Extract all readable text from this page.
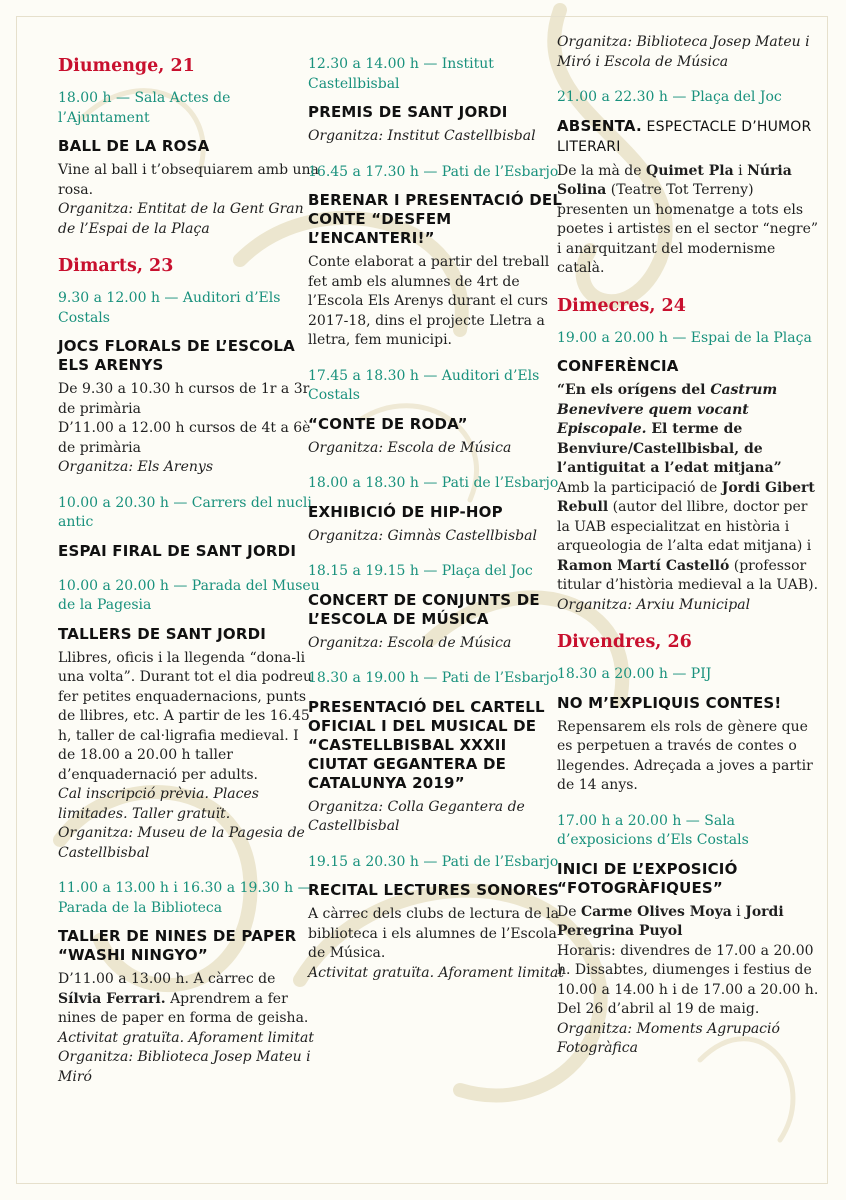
Diumenge, 21
18.00 h — Sala Actes de l’Ajuntament
BALL DE LA ROSA
Vine al ball i t’obsequiarem amb una rosa.
Organitza: Entitat de la Gent Gran de l’Espai de la Plaça
Dimarts, 23
9.30 a 12.00 h — Auditori d’Els Costals
JOCS FLORALS DE L’ESCOLA ELS ARENYS
De 9.30 a 10.30 h cursos de 1r a 3r de primària
D’11.00 a 12.00 h cursos de 4t a 6è de primària
Organitza: Els Arenys
10.00 a 20.30 h — Carrers del nucli antic
ESPAI FIRAL DE SANT JORDI
10.00 a 20.00 h — Parada del Museu de la Pagesia
TALLERS DE SANT JORDI
Llibres, oficis i la llegenda “dona-li una volta”. Durant tot el dia podreu fer petites enquadernacions, punts de llibres, etc. A partir de les 16.45 h, taller de cal·ligrafia medieval. I de 18.00 a 20.00 h taller d’enquadernació per adults.
Cal inscripció prèvia. Places limitades. Taller gratuït.
Organitza: Museu de la Pagesia de Castellbisbal
11.00 a 13.00 h i 16.30 a 19.30 h — Parada de la Biblioteca
TALLER DE NINES DE PAPER “WASHI NINGYO”
D’11.00 a 13.00 h. A càrrec de Sílvia Ferrari. Aprendrem a fer nines de paper en forma de geisha.
Activitat gratuïta. Aforament limitat
Organitza: Biblioteca Josep Mateu i Miró
12.30 a 14.00 h — Institut Castellbisbal
PREMIS DE SANT JORDI
Organitza: Institut Castellbisbal
16.45 a 17.30 h — Pati de l’Esbarjo
BERENAR I PRESENTACIÓ DEL CONTE “DESFEM L’ENCANTERI!”
Conte elaborat a partir del treball fet amb els alumnes de 4rt de l’Escola Els Arenys durant el curs 2017-18, dins el projecte Lletra a lletra, fem municipi.
17.45 a 18.30 h — Auditori d’Els Costals
“CONTE DE RODA”
Organitza: Escola de Música
18.00 a 18.30 h — Pati de l’Esbarjo
EXHIBICIÓ DE HIP-HOP
Organitza: Gimnàs Castellbisbal
18.15 a 19.15 h — Plaça del Joc
CONCERT DE CONJUNTS DE L’ESCOLA DE MÚSICA
Organitza: Escola de Música
18.30 a 19.00 h — Pati de l’Esbarjo
PRESENTACIÓ DEL CARTELL OFICIAL I DEL MUSICAL DE “CASTELLBISBAL XXXII CIUTAT GEGANTERA DE CATALUNYA 2019”
Organitza: Colla Gegantera de Castellbisbal
19.15 a 20.30 h — Pati de l’Esbarjo
RECITAL LECTURES SONORES
A càrrec dels clubs de lectura de la biblioteca i els alumnes de l’Escola de Música.
Activitat gratuïta. Aforament limitat
Organitza: Biblioteca Josep Mateu i Miró i Escola de Música
21.00 a 22.30 h — Plaça del Joc
ABSENTA. ESPECTACLE D’HUMOR LITERARI
De la mà de Quimet Pla i Núria Solina (Teatre Tot Terreny) presenten un homenatge a tots els poetes i artistes en el sector “negre” i anarquitzant del modernisme català.
Dimecres, 24
19.00 a 20.00 h — Espai de la Plaça
CONFERÈNCIA
“En els orígens del Castrum Benevivere quem vocant Episcopale. El terme de Benviure/Castellbisbal, de l’antiguitat a l’edat mitjana”
Amb la participació de Jordi Gibert Rebull (autor del llibre, doctor per la UAB especialitzat en història i arqueologia de l’alta edat mitjana) i Ramon Martí Castelló (professor titular d’història medieval a la UAB).
Organitza: Arxiu Municipal
Divendres, 26
18.30 a 20.00 h — PIJ
NO M’EXPLIQUIS CONTES!
Repensarem els rols de gènere que es perpetuen a través de contes o llegendes. Adreçada a joves a partir de 14 anys.
17.00 h a 20.00 h — Sala d’exposicions d’Els Costals
INICI DE L’EXPOSICIÓ “FOTOGRÀFIQUES”
De Carme Olives Moya i Jordi Peregrina Puyol
Horaris: divendres de 17.00 a 20.00 h. Dissabtes, diumenges i festius de 10.00 a 14.00 h i de 17.00 a 20.00 h. Del 26 d’abril al 19 de maig.
Organitza: Moments Agrupació Fotogràfica
